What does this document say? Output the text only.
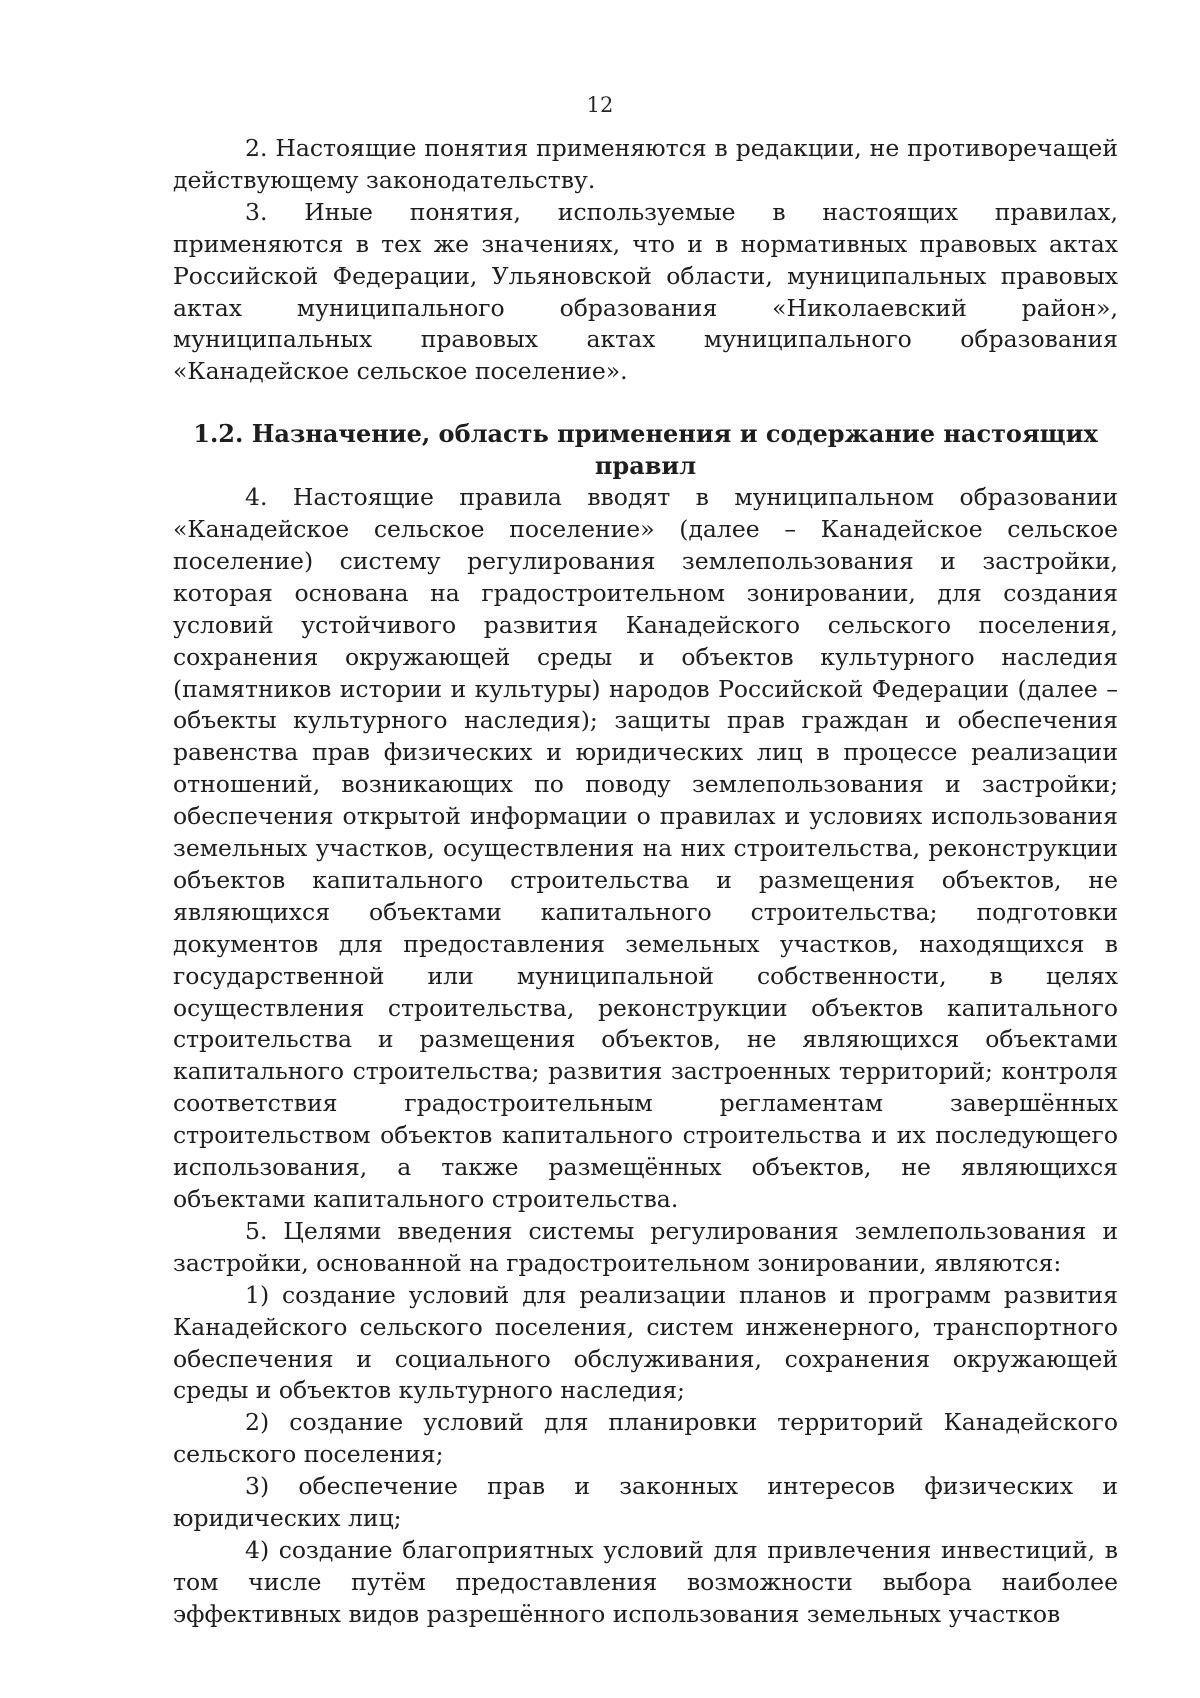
12

2. Настоящие понятия применяются в редакции, не противоречащей действующему законодательству.

3. Иные понятия, используемые в настоящих правилах, применяются в тех же значениях, что и в нормативных правовых актах Российской Федерации, Ульяновской области, муниципальных правовых актах муниципального образования «Николаевский район», муниципальных правовых актах муниципального образования «Канадейское сельское поселение».

1.2. Назначение, область применения и содержание настоящих правил

4. Настоящие правила вводят в муниципальном образовании «Канадейское сельское поселение» (далее – Канадейское сельское поселение) систему регулирования землепользования и застройки, которая основана на градостроительном зонировании, для создания условий устойчивого развития Канадейского сельского поселения, сохранения окружающей среды и объектов культурного наследия (памятников истории и культуры) народов Российской Федерации (далее – объекты культурного наследия); защиты прав граждан и обеспечения равенства прав физических и юридических лиц в процессе реализации отношений, возникающих по поводу землепользования и застройки; обеспечения открытой информации о правилах и условиях использования земельных участков, осуществления на них строительства, реконструкции объектов капитального строительства и размещения объектов, не являющихся объектами капитального строительства; подготовки документов для предоставления земельных участков, находящихся в государственной или муниципальной собственности, в целях осуществления строительства, реконструкции объектов капитального строительства и размещения объектов, не являющихся объектами капитального строительства; развития застроенных территорий; контроля соответствия градостроительным регламентам завершённых строительством объектов капитального строительства и их последующего использования, а также размещённых объектов, не являющихся объектами капитального строительства.

5. Целями введения системы регулирования землепользования и застройки, основанной на градостроительном зонировании, являются:

1) создание условий для реализации планов и программ развития Канадейского сельского поселения, систем инженерного, транспортного обеспечения и социального обслуживания, сохранения окружающей среды и объектов культурного наследия;

2) создание условий для планировки территорий Канадейского сельского поселения;

3) обеспечение прав и законных интересов физических и юридических лиц;

4) создание благоприятных условий для привлечения инвестиций, в том числе путём предоставления возможности выбора наиболее эффективных видов разрешённого использования земельных участков
